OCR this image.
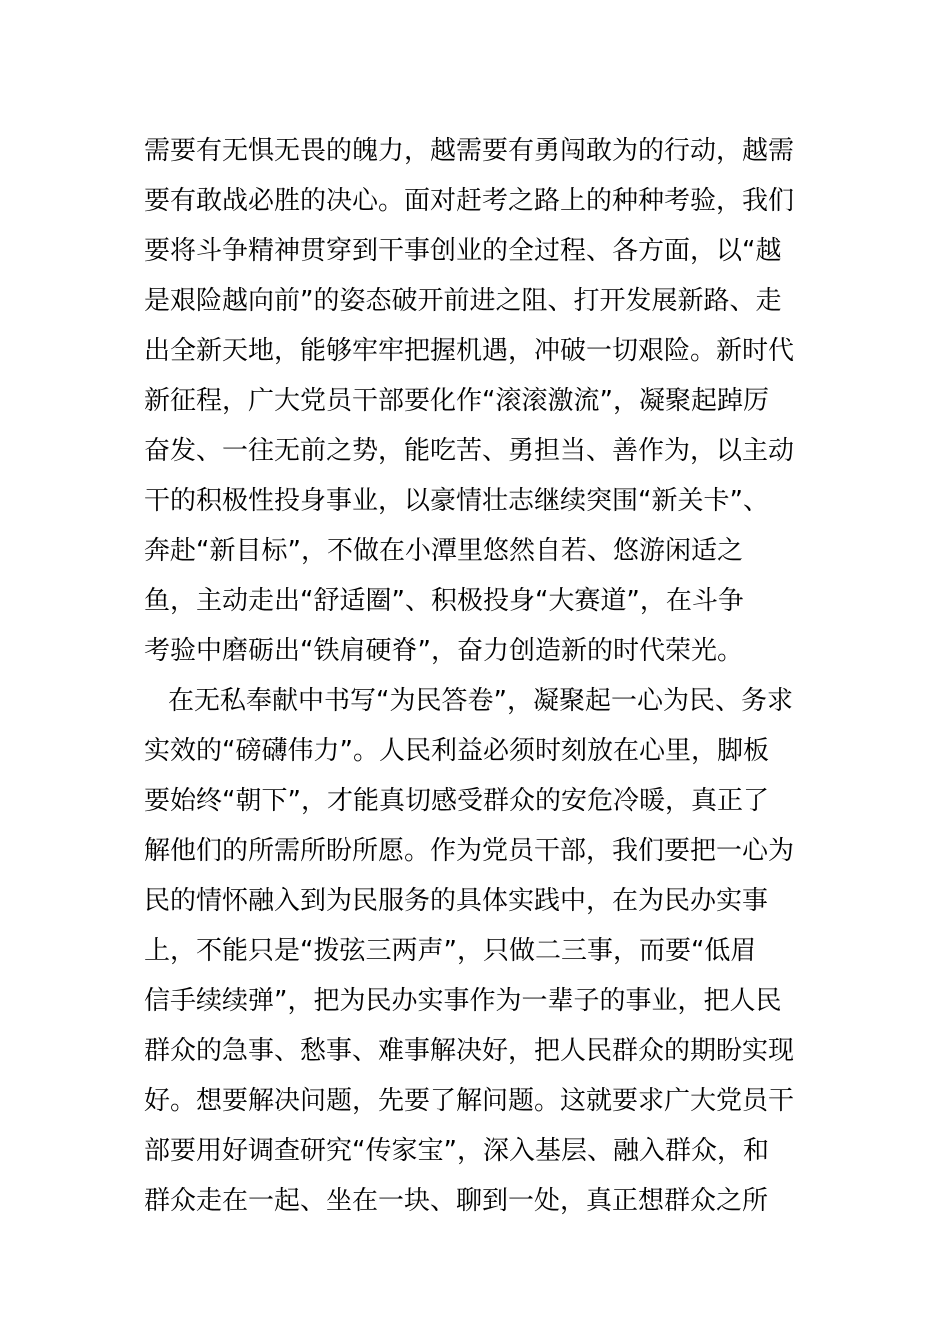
需要有无惧无畏的魄力，越需要有勇闯敢为的行动，越需
要有敢战必胜的决心。面对赶考之路上的种种考验，我们
要将斗争精神贯穿到干事创业的全过程、各方面，以“越
是艰险越向前”的姿态破开前进之阻、打开发展新路、走
出全新天地，能够牢牢把握机遇，冲破一切艰险。新时代
新征程，广大党员干部要化作“滚滚激流”，凝聚起踔厉
奋发、一往无前之势，能吃苦、勇担当、善作为，以主动
干的积极性投身事业，以豪情壮志继续突围“新关卡”、
奔赴“新目标”，不做在小潭里悠然自若、悠游闲适之
鱼，主动走出“舒适圈”、积极投身“大赛道”，在斗争
考验中磨砺出“铁肩硬脊”，奋力创造新的时代荣光。
在无私奉献中书写“为民答卷”，凝聚起一心为民、务求
实效的“磅礴伟力”。人民利益必须时刻放在心里，脚板
要始终“朝下”，才能真切感受群众的安危冷暖，真正了
解他们的所需所盼所愿。作为党员干部，我们要把一心为
民的情怀融入到为民服务的具体实践中，在为民办实事
上，不能只是“拨弦三两声”，只做二三事，而要“低眉
信手续续弹”，把为民办实事作为一辈子的事业，把人民
群众的急事、愁事、难事解决好，把人民群众的期盼实现
好。想要解决问题，先要了解问题。这就要求广大党员干
部要用好调查研究“传家宝”，深入基层、融入群众，和
群众走在一起、坐在一块、聊到一处，真正想群众之所
